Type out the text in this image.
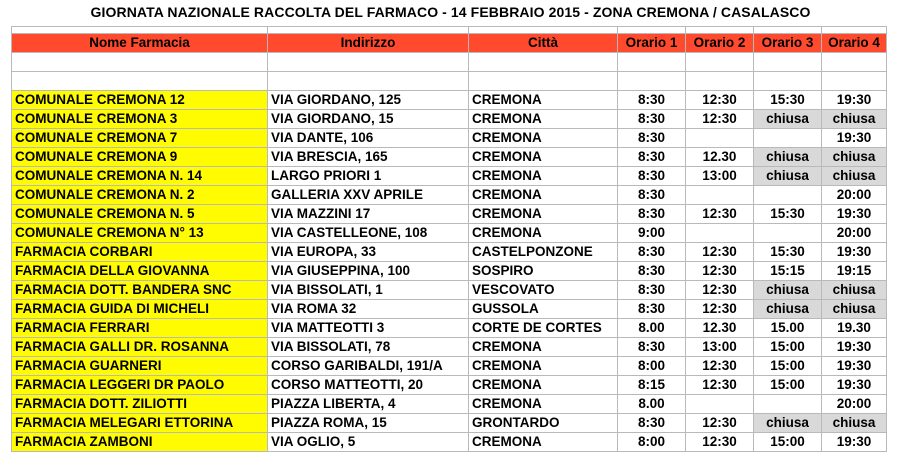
GIORNATA NAZIONALE RACCOLTA DEL FARMACO - 14 FEBBRAIO 2015 - ZONA CREMONA / CASALASCO

Nome Farmacia	Indirizzo	Città	Orario 1	Orario 2	Orario 3	Orario 4

COMUNALE CREMONA 12	VIA GIORDANO, 125	CREMONA	8:30	12:30	15:30	19:30
COMUNALE CREMONA 3	VIA GIORDANO, 15	CREMONA	8:30	12:30	chiusa	chiusa
COMUNALE CREMONA 7	VIA DANTE, 106	CREMONA	8:30			19:30
COMUNALE CREMONA 9	VIA BRESCIA, 165	CREMONA	8:30	12.30	chiusa	chiusa
COMUNALE CREMONA N. 14	LARGO PRIORI 1	CREMONA	8:30	13:00	chiusa	chiusa
COMUNALE CREMONA N. 2	GALLERIA XXV APRILE	CREMONA	8:30			20:00
COMUNALE CREMONA N. 5	VIA MAZZINI 17	CREMONA	8:30	12:30	15:30	19:30
COMUNALE CREMONA N° 13	VIA CASTELLEONE, 108	CREMONA	9:00			20:00
FARMACIA CORBARI	VIA EUROPA, 33	CASTELPONZONE	8:30	12:30	15:30	19:30
FARMACIA DELLA GIOVANNA	VIA GIUSEPPINA, 100	SOSPIRO	8:30	12:30	15:15	19:15
FARMACIA DOTT. BANDERA SNC	VIA BISSOLATI, 1	VESCOVATO	8:30	12:30	chiusa	chiusa
FARMACIA GUIDA DI MICHELI	VIA ROMA 32	GUSSOLA	8:30	12:30	chiusa	chiusa
FARMACIA FERRARI	VIA MATTEOTTI 3	CORTE DE CORTES	8.00	12.30	15.00	19.30
FARMACIA GALLI DR. ROSANNA	VIA BISSOLATI, 78	CREMONA	8:30	13:00	15:00	19:30
FARMACIA GUARNERI	CORSO GARIBALDI, 191/A	CREMONA	8:00	12:30	15:00	19:30
FARMACIA LEGGERI DR PAOLO	CORSO MATTEOTTI, 20	CREMONA	8:15	12:30	15:00	19:30
FARMACIA DOTT. ZILIOTTI	PIAZZA LIBERTA, 4	CREMONA	8.00			20:00
FARMACIA MELEGARI ETTORINA	PIAZZA ROMA, 15	GRONTARDO	8:30	12:30	chiusa	chiusa
FARMACIA ZAMBONI	VIA OGLIO, 5	CREMONA	8:00	12:30	15:00	19:30
